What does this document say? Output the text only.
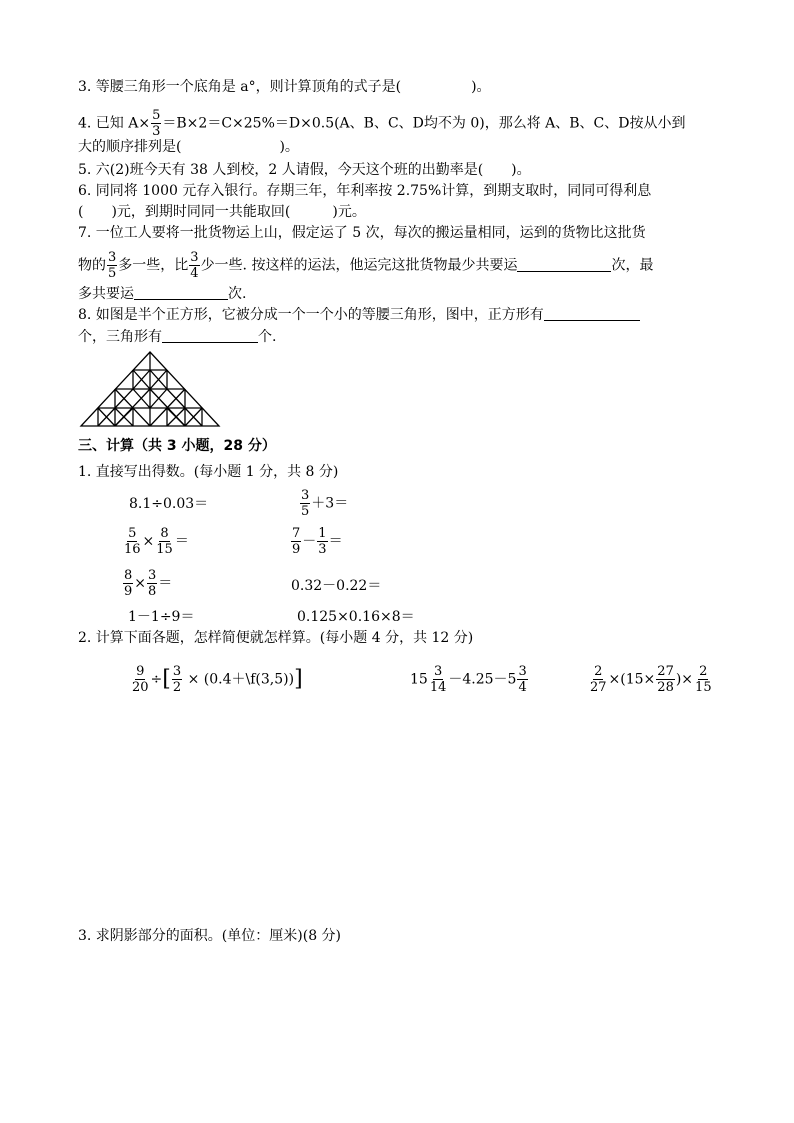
3. 等腰三角形一个底角是 a°，则计算顶角的式子是(　　　　　)。
4. 已知 $A\times \frac{5}{3} =B\times 2=C\times 25\%=D\times 0.5(A$、B、C、D均不为 0)，那么将 A、B、C、D按从小到
大的顺序排列是(　　　　　　　)。
5. 六(2)班今天有 38 人到校，2 人请假，今天这个班的出勤率是(　　)。
6. 同同将 1000 元存入银行。存期三年，年利率按 2.75%计算，到期支取时，同同可得利息
(　　)元，到期时同同一共能取回(　　　)元。
7. 一位工人要将一批货物运上山，假定运了 5 次，每次的搬运量相同，运到的货物比这批货
物的 $\frac{3}{5}$ 多一些，比 $\frac{3}{4}$ 少一些. 按这样的运法，他运完这批货物最少共要运	次，最
多共要运	次.
8. 如图是半个正方形，它被分成一个一个小的等腰三角形，图中，正方形有
个，三角形有	个.
三、计算（共 3 小题，28 分）
1. 直接写出得数。(每小题 1 分，共 8 分)
8.1÷0.03＝	$\frac{3}{5} +3=$
$\frac{5}{16} \times \frac{8}{15}$ ＝	$\frac{7}{9} - \frac{1}{3}$ ＝
$\frac{8}{9} \times \frac{3}{8}$ ＝	0.32－0.22＝
1－1÷9＝	0.125×0.16×8＝
2. 计算下面各题，怎样简便就怎样算。(每小题 4 分，共 12 分)
$\frac{9}{20}$ ÷[ $\frac{3}{2}$ × (0.4＋\f(3,5))]	$15 \frac{3}{14} -4.25-5 \frac{3}{4}$	$\frac{2}{27} \times(15\times \frac{27}{28}$ )× $\frac{2}{15}$
3. 求阴影部分的面积。(单位：厘米)(8 分)
